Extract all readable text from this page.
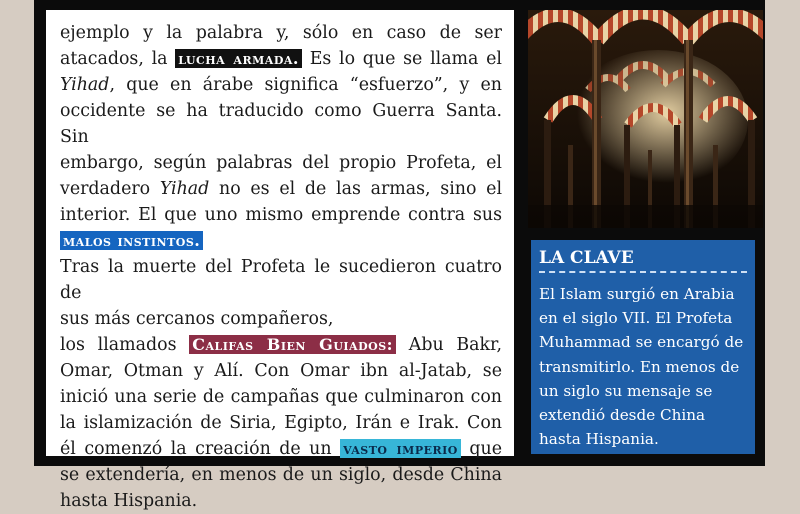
ejemplo y la palabra y, sólo en caso de ser
atacados, la lucha armada. Es lo que se llama el
Yihad, que en árabe significa “esfuerzo”, y en
occidente se ha traducido como Guerra Santa. Sin
embargo, según palabras del propio Profeta, el
verdadero Yihad no es el de las armas, sino el
interior. El que uno mismo emprende contra sus
malos instintos.
Tras la muerte del Profeta le sucedieron cuatro de
sus más cercanos compañeros,
los llamados Califas Bien Guiados: Abu Bakr,
Omar, Otman y Alí. Con Omar ibn al-Jatab, se
inició una serie de campañas que culminaron con
la islamización de Siria, Egipto, Irán e Irak. Con
él comenzó la creación de un vasto imperio que
se extendería, en menos de un siglo, desde China
hasta Hispania.
LA CLAVE
El Islam surgió en Arabia en el siglo VII. El Profeta Muhammad se encargó de transmitirlo. En menos de un siglo su mensaje se extendió desde China hasta Hispania.
